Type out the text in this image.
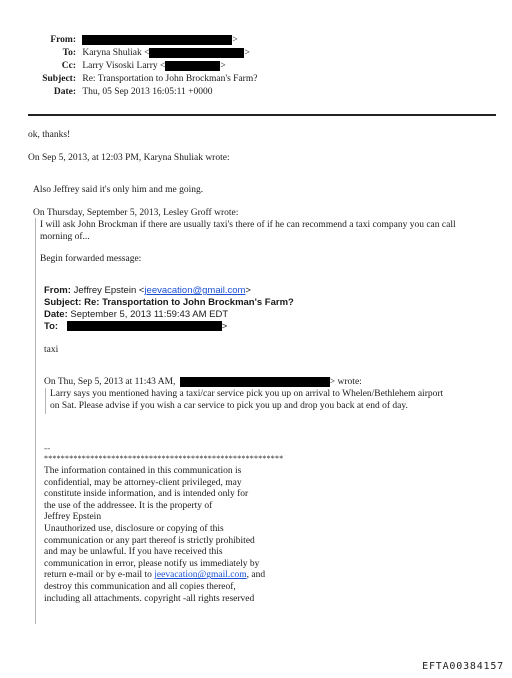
From:	>
To: Karyna Shuliak <	>
Cc: Larry Visoski Larry <	>
Subject: Re: Transportation to John Brockman's Farm?
Date: Thu, 05 Sep 2013 16:05:11 +0000
ok, thanks!
On Sep 5, 2013, at 12:03 PM, Karyna Shuliak wrote:
Also Jeffrey said it's only him and me going.
On Thursday, September 5, 2013, Lesley Groff wrote:
I will ask John Brockman if there are usually taxi's there of if he can recommend a taxi company you can call
morning of...
Begin forwarded message:
From: Jeffrey Epstein <jeevacation@gmail.com>
Subject: Re: Transportation to John Brockman's Farm?
Date: September 5, 2013 11:59:43 AM EDT
To:	>
taxi
On Thu, Sep 5, 2013 at 11:43 AM,	> wrote:
Larry says you mentioned having a taxi/car service pick you up on arrival to Whelen/Bethlehem airport
on Sat. Please advise if you wish a car service to pick you up and drop you back at end of day.
--
*********************************************************
The information contained in this communication is
confidential, may be attorney-client privileged, may
constitute inside information, and is intended only for
the use of the addressee. It is the property of
Jeffrey Epstein
Unauthorized use, disclosure or copying of this
communication or any part thereof is strictly prohibited
and may be unlawful. If you have received this
communication in error, please notify us immediately by
return e-mail or by e-mail to jeevacation@gmail.com, and
destroy this communication and all copies thereof,
including all attachments. copyright -all rights reserved
EFTA00384157
